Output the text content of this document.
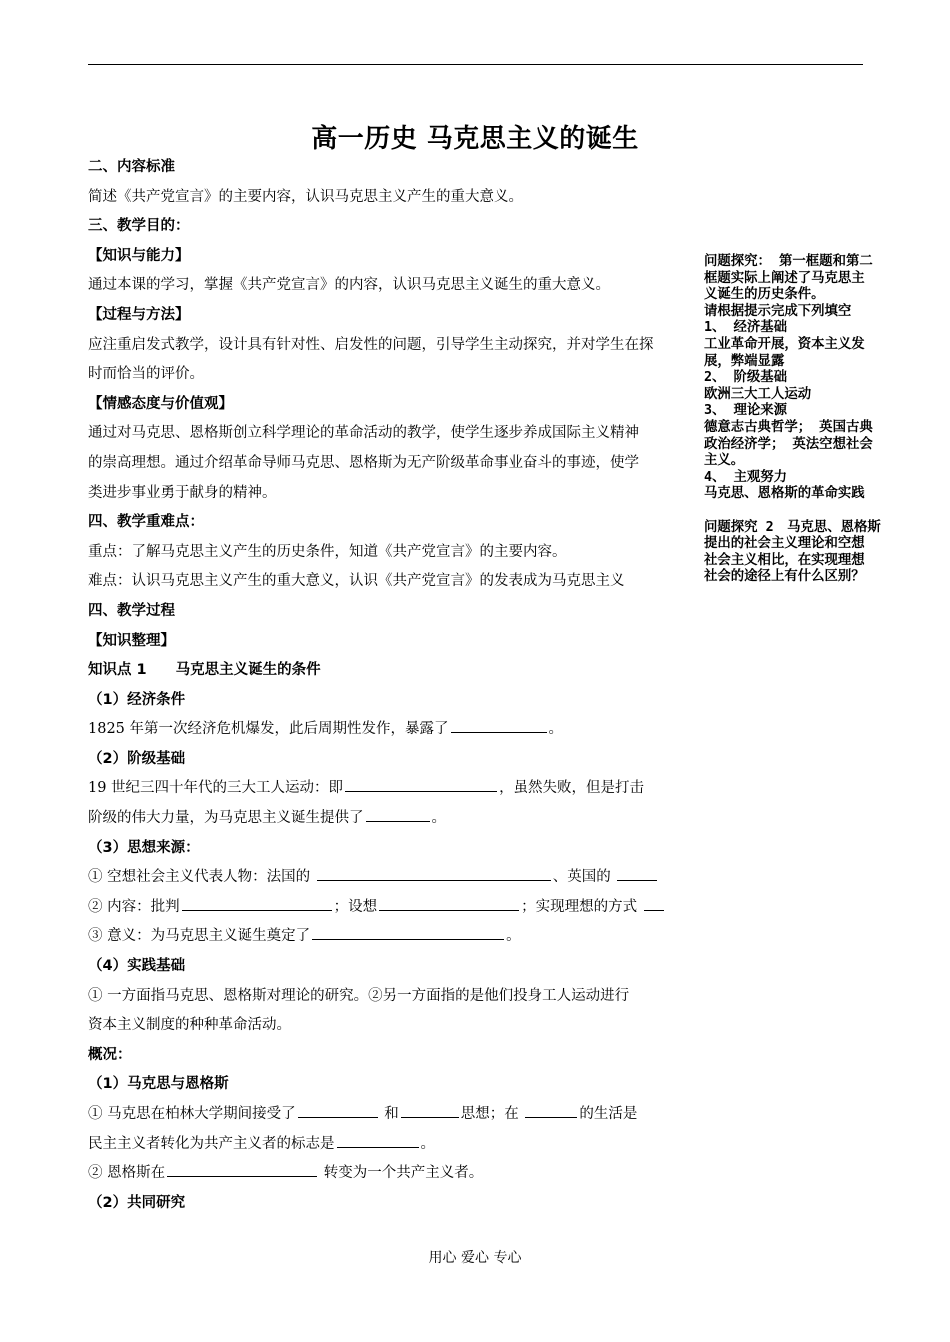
高一历史 马克思主义的诞生
二、内容标准
简述《共产党宣言》的主要内容，认识马克思主义产生的重大意义。
三、教学目的：
【知识与能力】
通过本课的学习，掌握《共产党宣言》的内容，认识马克思主义诞生的重大意义。
【过程与方法】
应注重启发式教学，设计具有针对性、启发性的问题，引导学生主动探究，并对学生在探
时而恰当的评价。
【情感态度与价值观】
通过对马克思、恩格斯创立科学理论的革命活动的教学，使学生逐步养成国际主义精神
的崇高理想。通过介绍革命导师马克思、恩格斯为无产阶级革命事业奋斗的事迹，使学
类进步事业勇于献身的精神。
四、教学重难点：
重点：了解马克思主义产生的历史条件，知道《共产党宣言》的主要内容。
难点：认识马克思主义产生的重大意义，认识《共产党宣言》的发表成为马克思主义
四、教学过程
【知识整理】
知识点 1　　马克思主义诞生的条件
（1）经济条件
1825 年第一次经济危机爆发，此后周期性发作，暴露了	。
（2）阶级基础
19 世纪三四十年代的三大工人运动：即	，虽然失败，但是打击
阶级的伟大力量，为马克思主义诞生提供了	。
（3）思想来源：
① 空想社会主义代表人物：法国的	、英国的
② 内容：批判	；设想	；实现理想的方式
③ 意义：为马克思主义诞生奠定了	。
（4）实践基础
① 一方面指马克思、恩格斯对理论的研究。②另一方面指的是他们投身工人运动进行
资本主义制度的种种革命活动。
概况：
（1）马克思与恩格斯
① 马克思在柏林大学期间接受了	和	思想；在	的生活是
民主主义者转化为共产主义者的标志是	。
② 恩格斯在	转变为一个共产主义者。
（2）共同研究

问题探究： 第一框题和第二

框题实际上阐述了马克思主

义诞生的历史条件。

请根据提示完成下列填空

1、 经济基础

工业革命开展，资本主义发

展，弊端显露

2、 阶级基础

欧洲三大工人运动

3、 理论来源

德意志古典哲学； 英国古典

政治经济学； 英法空想社会

主义。

4、 主观努力

马克思、恩格斯的革命实践

问题探究 2　马克思、恩格斯

提出的社会主义理论和空想

社会主义相比，在实现理想

社会的途径上有什么区别？

用心 爱心 专心
